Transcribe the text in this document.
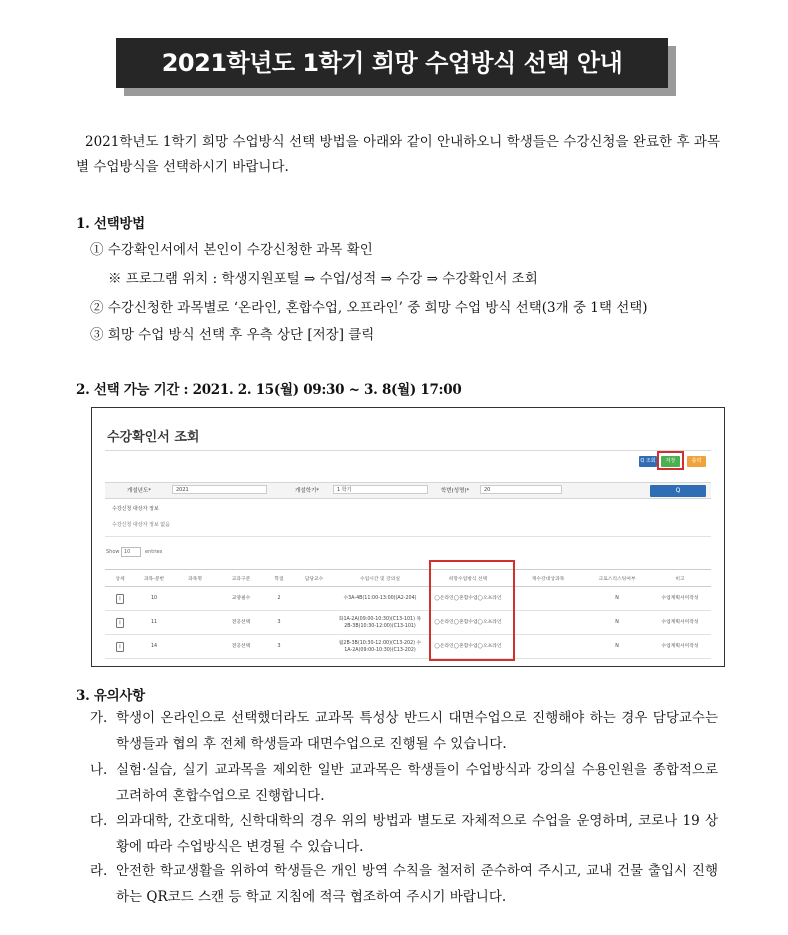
2021학년도 1학기 희망 수업방식 선택 안내
2021학년도 1학기 희망 수업방식 선택 방법을 아래와 같이 안내하오니 학생들은 수강신청을 완료한 후 과목별 수업방식을 선택하시기 바랍니다.
1. 선택방법
① 수강확인서에서 본인이 수강신청한 과목 확인
※ 프로그램 위치 : 학생지원포털 ⇒ 수업/성적 ⇒ 수강 ⇒ 수강확인서 조회
② 수강신청한 과목별로 ‘온라인, 혼합수업, 오프라인’ 중 희망 수업 방식 선택(3개 중 1택 선택)
③ 희망 수업 방식 선택 후 우측 상단 [저장] 클릭
2. 선택 가능 기간 : 2021. 2. 15(월) 09:30 ~ 3. 8(월) 17:00
수강확인서 조회
Q 조회	저장	출력
개설년도*	2021	개설학기*	1 학기	학번(성명)*	20	Q
수강신청 대상자 정보
수강신청 대상자 정보 없음
Show 10	entries
상세	과목-분반	과목명	교과구분	학점	담당교수	수업시간 및 강의실	희망수업방식 선택	재수강대상과목	크로스리스팅여부	비고
i	10		교양필수	2		수3A-4B(11:00-13:00)(A2-204)	◯온라인◯혼합수업◯오프라인		N	수업계획서미작성
i	11		전공선택	3		화1A-2A(09:00-10:30)(C13-101) 목2B-3B(10:30-12:00)(C13-101)	◯온라인◯혼합수업◯오프라인		N	수업계획서미작성
i	14		전공선택	3		월2B-3B(10:30-12:00)(C13-202) 수1A-2A(09:00-10:30)(C13-202)	◯온라인◯혼합수업◯오프라인		N	수업계획서미작성
3. 유의사항
가. 학생이 온라인으로 선택했더라도 교과목 특성상 반드시 대면수업으로 진행해야 하는 경우 담당교수는 학생들과 협의 후 전체 학생들과 대면수업으로 진행될 수 있습니다.
나. 실험·실습, 실기 교과목을 제외한 일반 교과목은 학생들이 수업방식과 강의실 수용인원을 종합적으로 고려하여 혼합수업으로 진행합니다.
다. 의과대학, 간호대학, 신학대학의 경우 위의 방법과 별도로 자체적으로 수업을 운영하며, 코로나 19 상황에 따라 수업방식은 변경될 수 있습니다.
라. 안전한 학교생활을 위하여 학생들은 개인 방역 수칙을 철저히 준수하여 주시고, 교내 건물 출입시 진행하는 QR코드 스캔 등 학교 지침에 적극 협조하여 주시기 바랍니다.
